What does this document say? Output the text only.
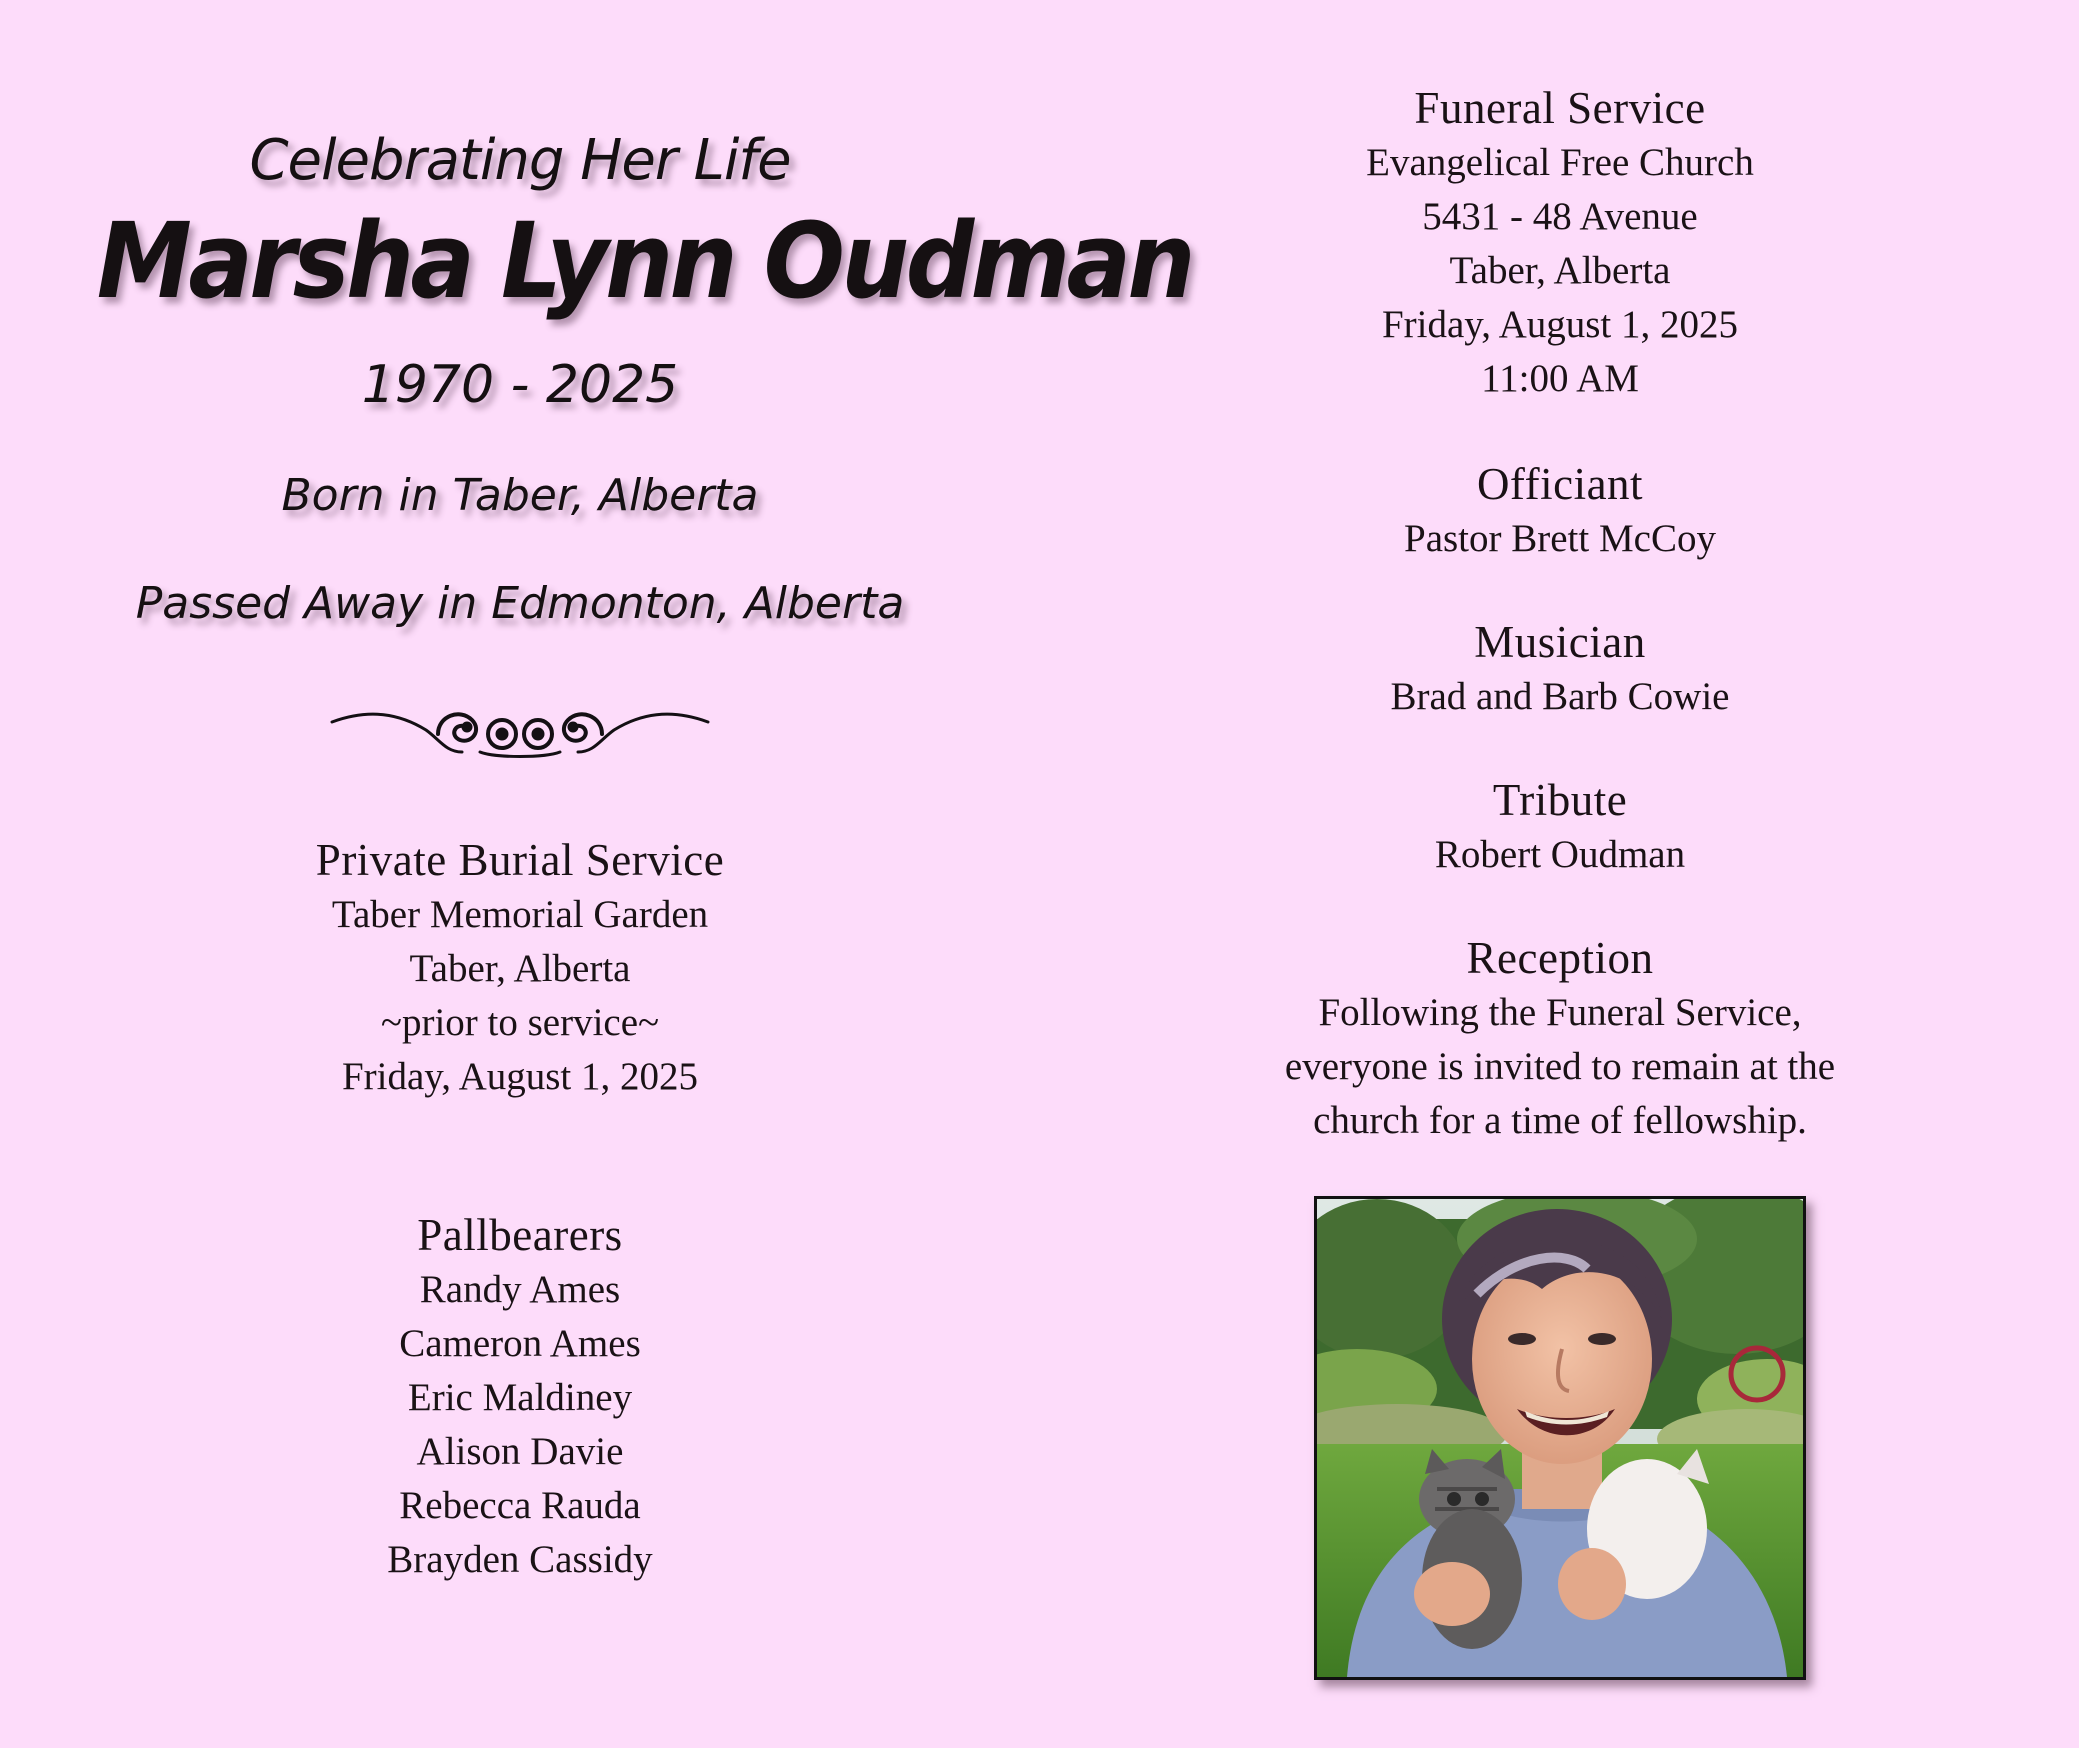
Celebrating Her Life
Marsha Lynn Oudman
1970 - 2025
Born in Taber, Alberta
Passed Away in Edmonton, Alberta
Private Burial Service
Taber Memorial Garden
Taber, Alberta
~prior to service~
Friday, August 1, 2025
Pallbearers
Randy Ames
Cameron Ames
Eric Maldiney
Alison Davie
Rebecca Rauda
Brayden Cassidy
Funeral Service
Evangelical Free Church
5431 - 48 Avenue
Taber, Alberta
Friday, August 1, 2025
11:00 AM
Officiant
Pastor Brett McCoy
Musician
Brad and Barb Cowie
Tribute
Robert Oudman
Reception
Following the Funeral Service,
everyone is invited to remain at the
church for a time of fellowship.
